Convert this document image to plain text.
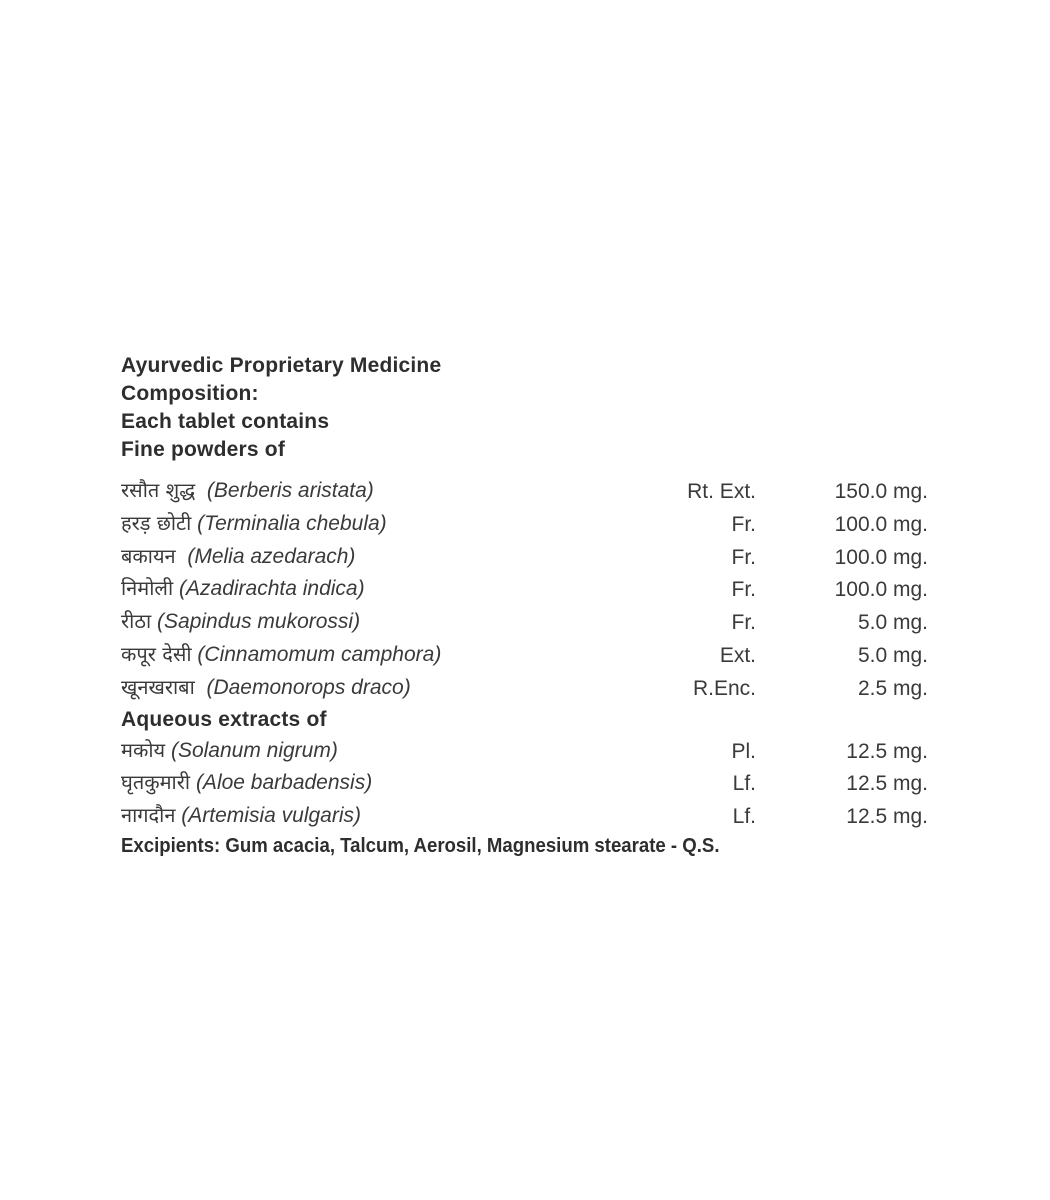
Ayurvedic Proprietary Medicine
Composition:
Each tablet contains
Fine powders of
रसौत शुद्ध (Berberis aristata)	Rt. Ext.	150.0 mg.
हरड़ छोटी (Terminalia chebula)	Fr.	100.0 mg.
बकायन (Melia azedarach)	Fr.	100.0 mg.
निमोली (Azadirachta indica)	Fr.	100.0 mg.
रीठा (Sapindus mukorossi)	Fr.	5.0 mg.
कपूर देसी (Cinnamomum camphora)	Ext.	5.0 mg.
खूनखराबा (Daemonorops draco)	R.Enc.	2.5 mg.
Aqueous extracts of
मकोय (Solanum nigrum)	Pl.	12.5 mg.
घृतकुमारी (Aloe barbadensis)	Lf.	12.5 mg.
नागदौन (Artemisia vulgaris)	Lf.	12.5 mg.
Excipients: Gum acacia, Talcum, Aerosil, Magnesium stearate - Q.S.
